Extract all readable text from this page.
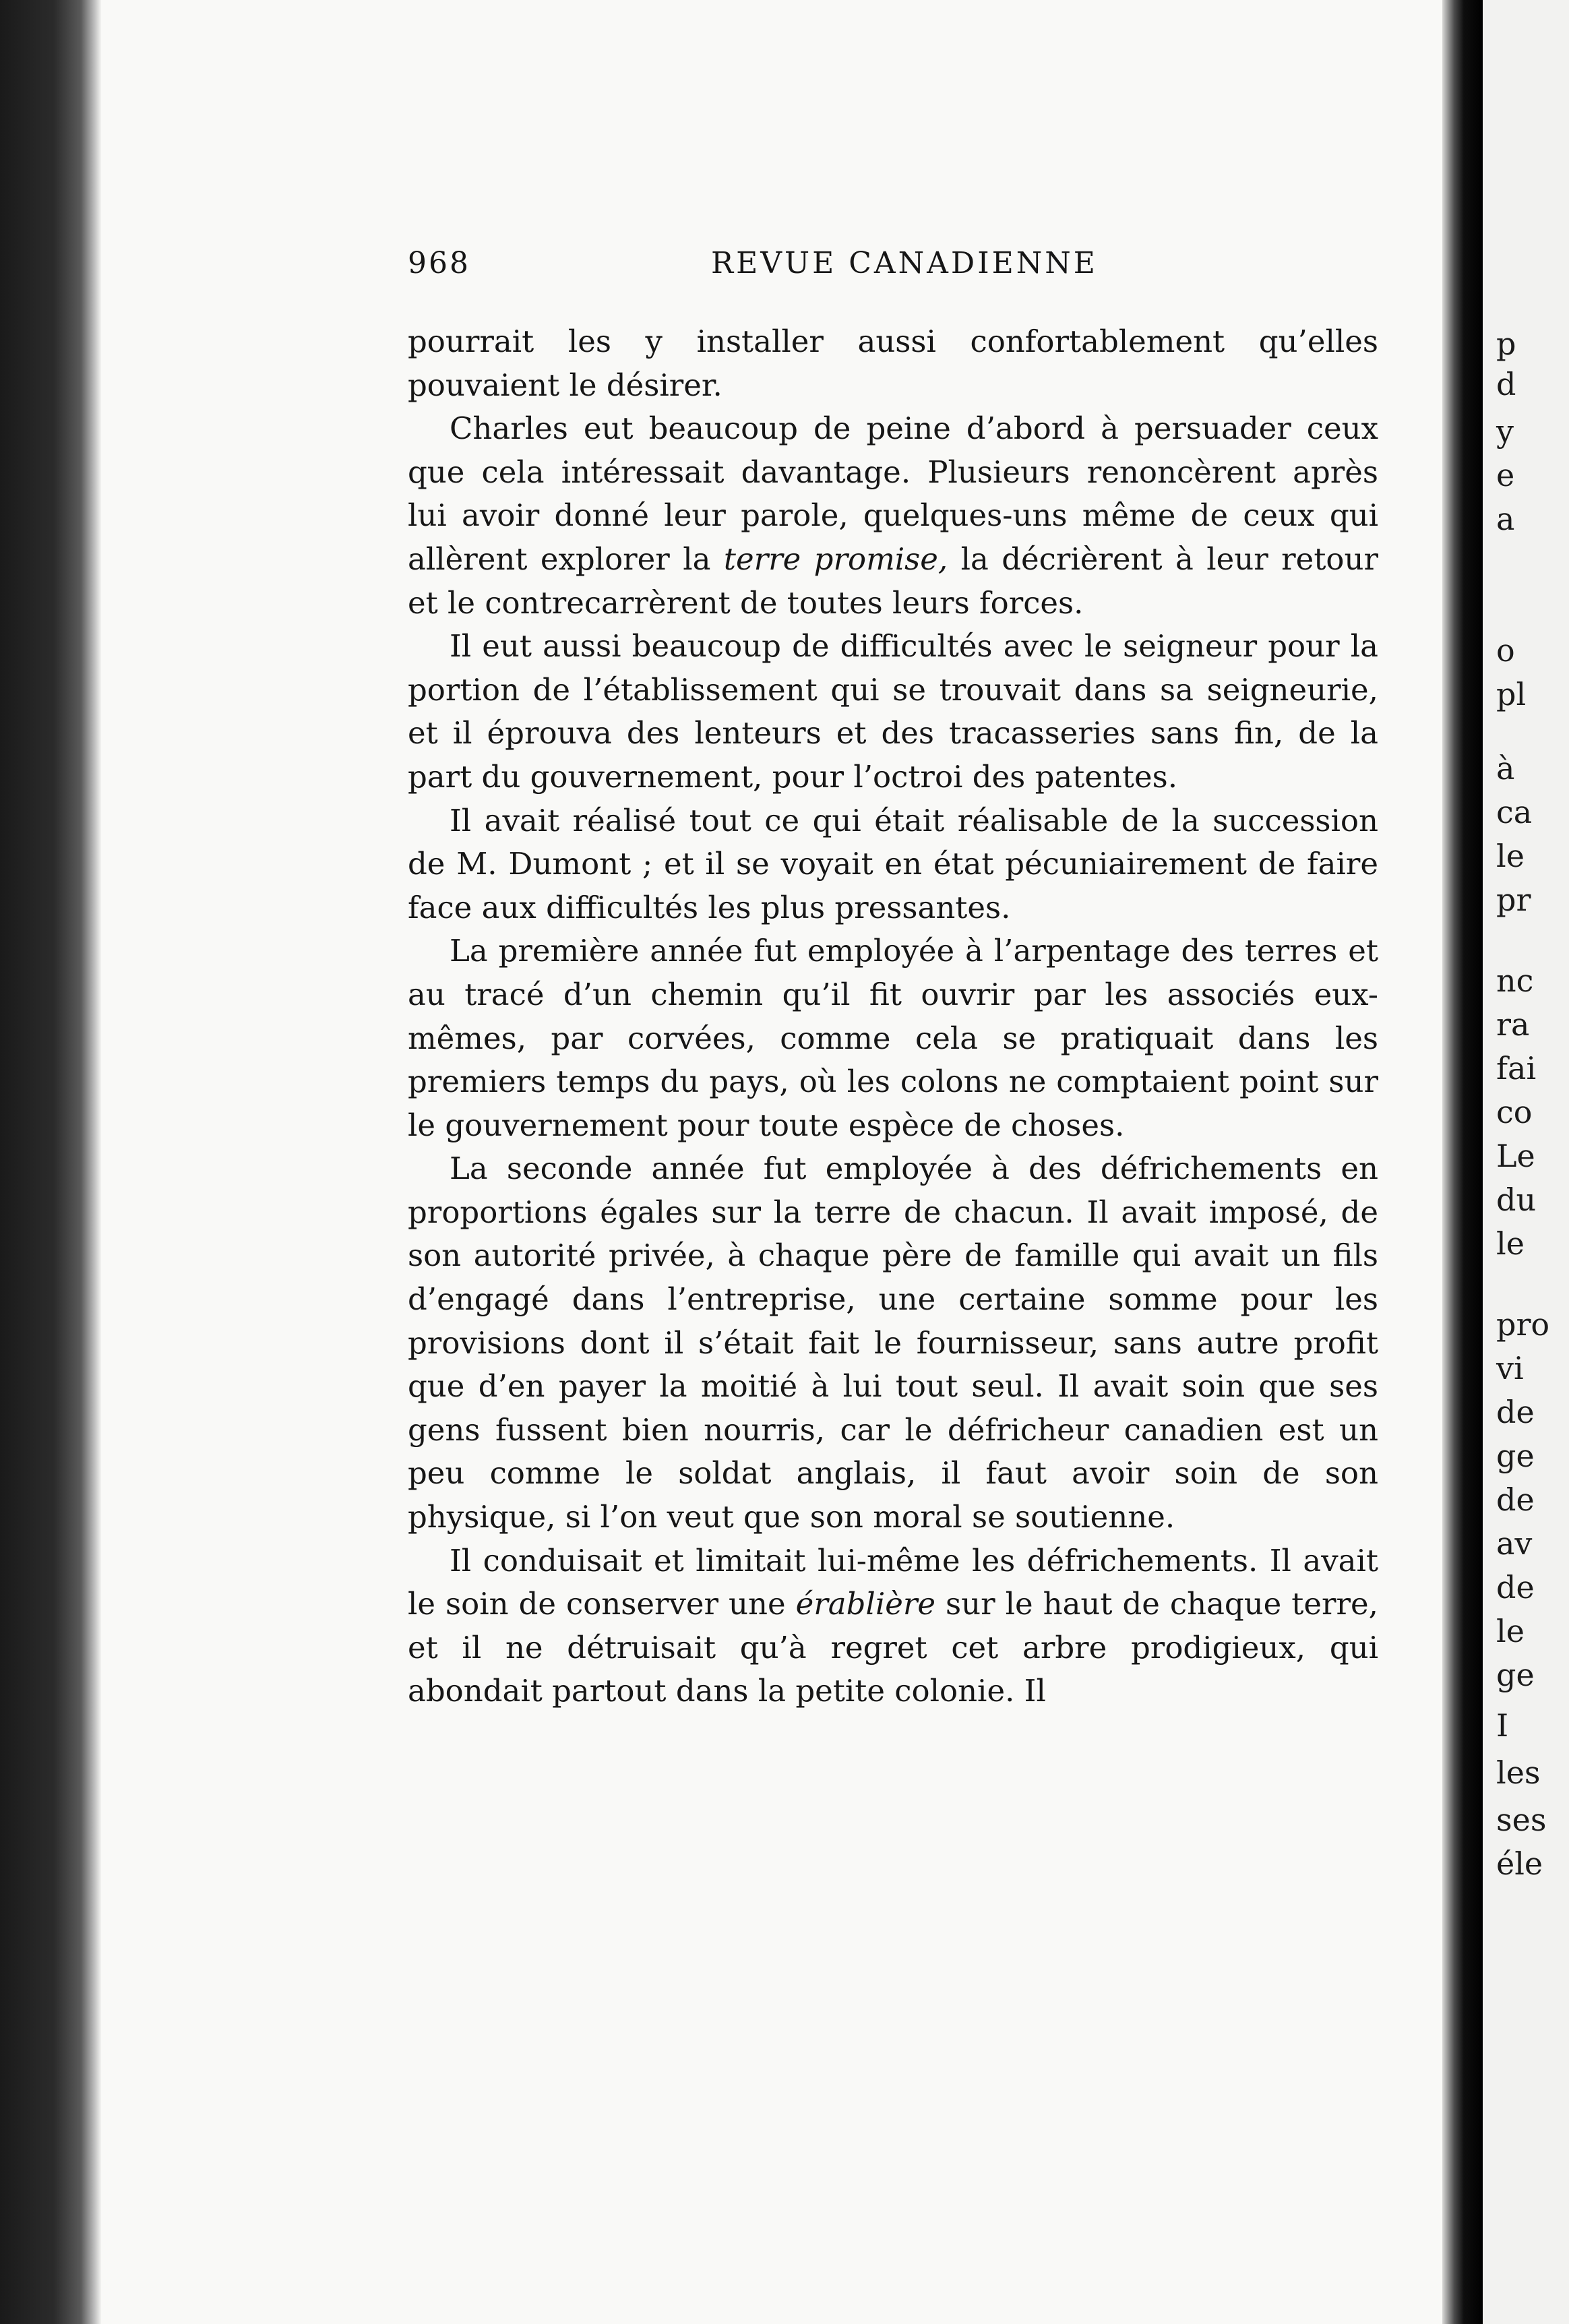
p
d
y
e
a
o
pl
à
ca
le
pr
nc
ra
fai
co
Le
du
le
pro
vi
de
ge
de
av
de
le
ge
I
les
ses
éle
968	REVUE CANADIENNE

pourrait les y installer aussi confortablement qu’elles pouvaient le désirer.

Charles eut beaucoup de peine d’abord à persuader ceux que cela intéressait davantage. Plusieurs renoncèrent après lui avoir donné leur parole, quelques-uns même de ceux qui allèrent explorer la terre promise, la décrièrent à leur retour et le contrecarrèrent de toutes leurs forces.

Il eut aussi beaucoup de difficultés avec le seigneur pour la portion de l’établissement qui se trouvait dans sa seigneurie, et il éprouva des lenteurs et des tracasseries sans fin, de la part du gouvernement, pour l’octroi des patentes.

Il avait réalisé tout ce qui était réalisable de la succession de M. Dumont ; et il se voyait en état pécuniairement de faire face aux difficultés les plus pressantes.

La première année fut employée à l’arpentage des terres et au tracé d’un chemin qu’il fit ouvrir par les associés eux-mêmes, par corvées, comme cela se pratiquait dans les premiers temps du pays, où les colons ne comptaient point sur le gouvernement pour toute espèce de choses.

La seconde année fut employée à des défrichements en proportions égales sur la terre de chacun. Il avait imposé, de son autorité privée, à chaque père de famille qui avait un fils d’engagé dans l’entreprise, une certaine somme pour les provisions dont il s’était fait le fournisseur, sans autre profit que d’en payer la moitié à lui tout seul. Il avait soin que ses gens fussent bien nourris, car le défricheur canadien est un peu comme le soldat anglais, il faut avoir soin de son physique, si l’on veut que son moral se soutienne.

Il conduisait et limitait lui-même les défrichements. Il avait le soin de conserver une érablière sur le haut de chaque terre, et il ne détruisait qu’à regret cet arbre prodigieux, qui abondait partout dans la petite colonie. Il
